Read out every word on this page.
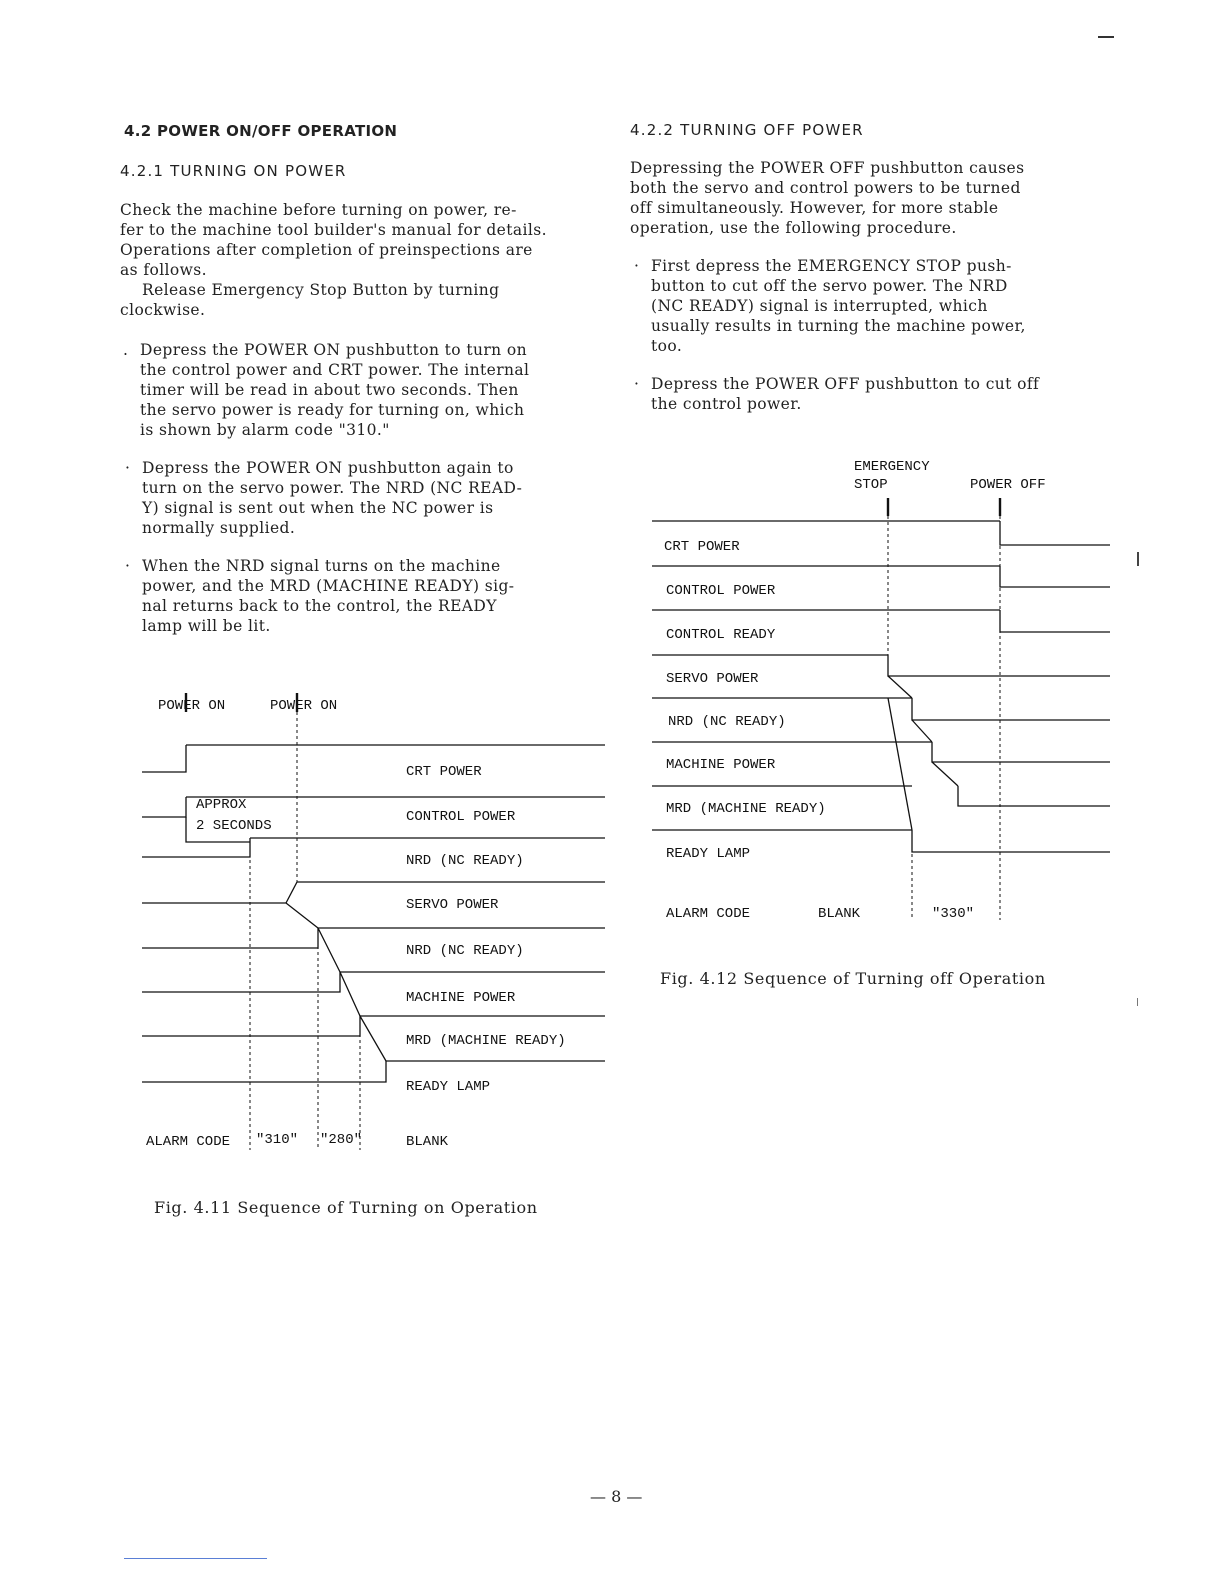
4.2 POWER ON/OFF OPERATION
4.2.1 TURNING ON POWER
Check the machine before turning on power, re-
fer to the machine tool builder's manual for details.
Operations after completion of preinspections are
as follows.
Release Emergency Stop Button by turning
clockwise.
. Depress the POWER ON pushbutton to turn on
the control power and CRT power. The internal
timer will be read in about two seconds. Then
the servo power is ready for turning on, which
is shown by alarm code "310."
· Depress the POWER ON pushbutton again to
turn on the servo power. The NRD (NC READ-
Y) signal is sent out when the NC power is
normally supplied.
· When the NRD signal turns on the machine
power, and the MRD (MACHINE READY) sig-
nal returns back to the control, the READY
lamp will be lit.
POWER ON	POWER ON
APPROX
2 SECONDS
CRT POWER
CONTROL POWER
NRD (NC READY)
SERVO POWER
NRD (NC READY)
MACHINE POWER
MRD (MACHINE READY)
READY LAMP
ALARM CODE "310" "280"	BLANK
Fig. 4.11 Sequence of Turning on Operation
4.2.2 TURNING OFF POWER
Depressing the POWER OFF pushbutton causes
both the servo and control powers to be turned
off simultaneously. However, for more stable
operation, use the following procedure.
· First depress the EMERGENCY STOP push-
button to cut off the servo power. The NRD
(NC READY) signal is interrupted, which
usually results in turning the machine power,
too.
· Depress the POWER OFF pushbutton to cut off
the control power.
EMERGENCY
STOP	POWER OFF
CRT POWER
CONTROL POWER
CONTROL READY
SERVO POWER
NRD (NC READY)
MACHINE POWER
MRD (MACHINE READY)
READY LAMP
ALARM CODE	BLANK	"330"
Fig. 4.12 Sequence of Turning off Operation
— 8 —
